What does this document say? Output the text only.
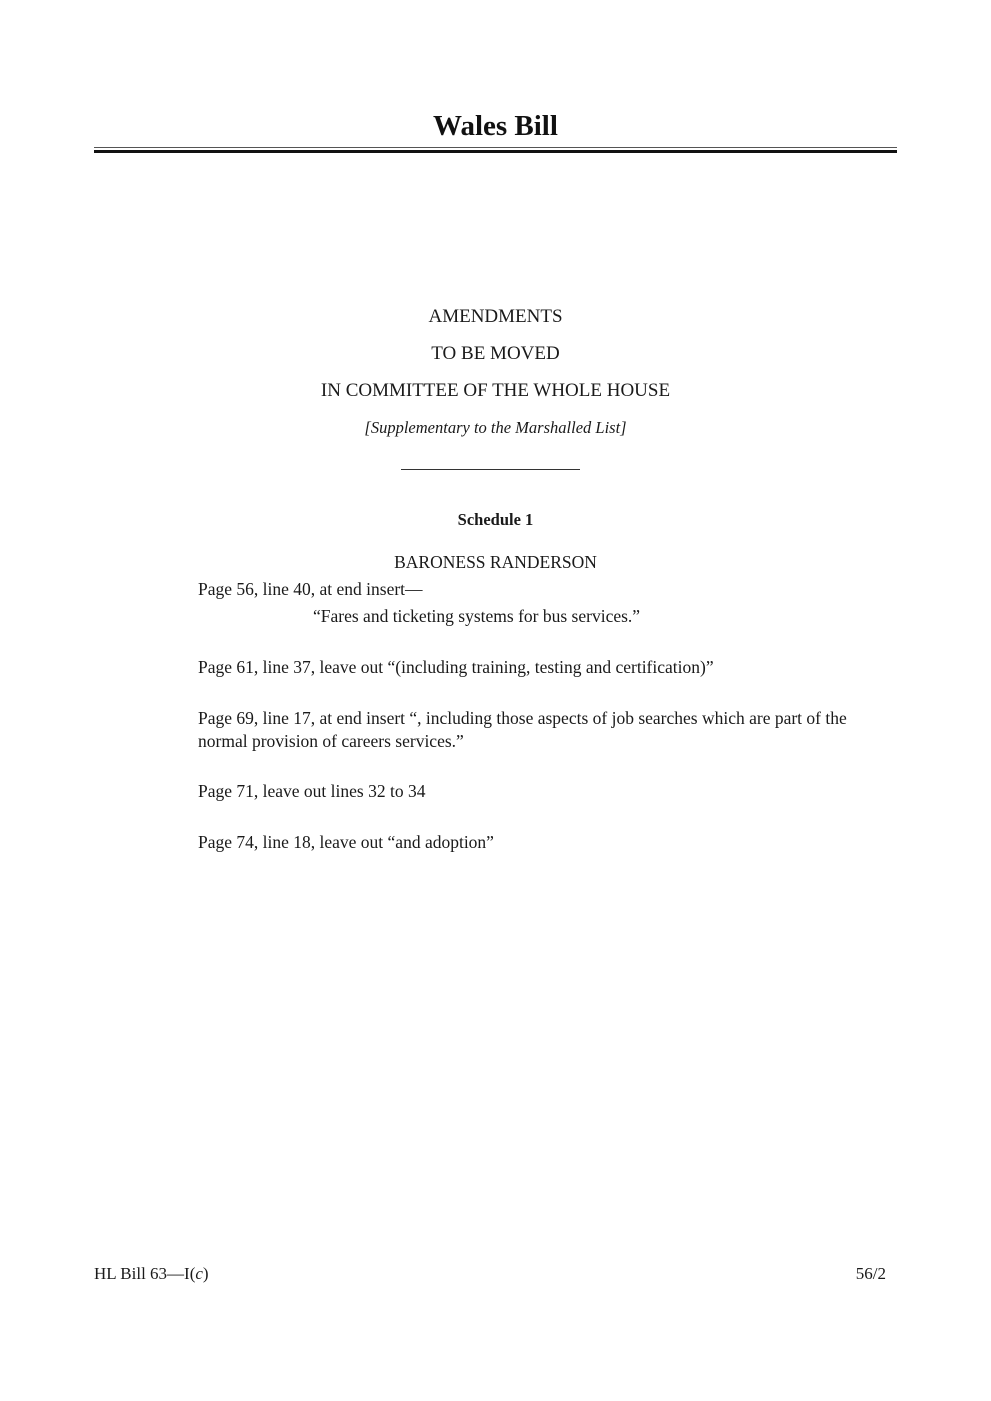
Wales Bill
AMENDMENTS
TO BE MOVED
IN COMMITTEE OF THE WHOLE HOUSE
[Supplementary to the Marshalled List]
Schedule 1
BARONESS RANDERSON
Page 56, line 40, at end insert—
“Fares and ticketing systems for bus services.”
Page 61, line 37, leave out “(including training, testing and certification)”
Page 69, line 17, at end insert “, including those aspects of job searches which are part of the normal provision of careers services.”
Page 71, leave out lines 32 to 34
Page 74, line 18, leave out “and adoption”
HL Bill 63—I(c)	56/2
